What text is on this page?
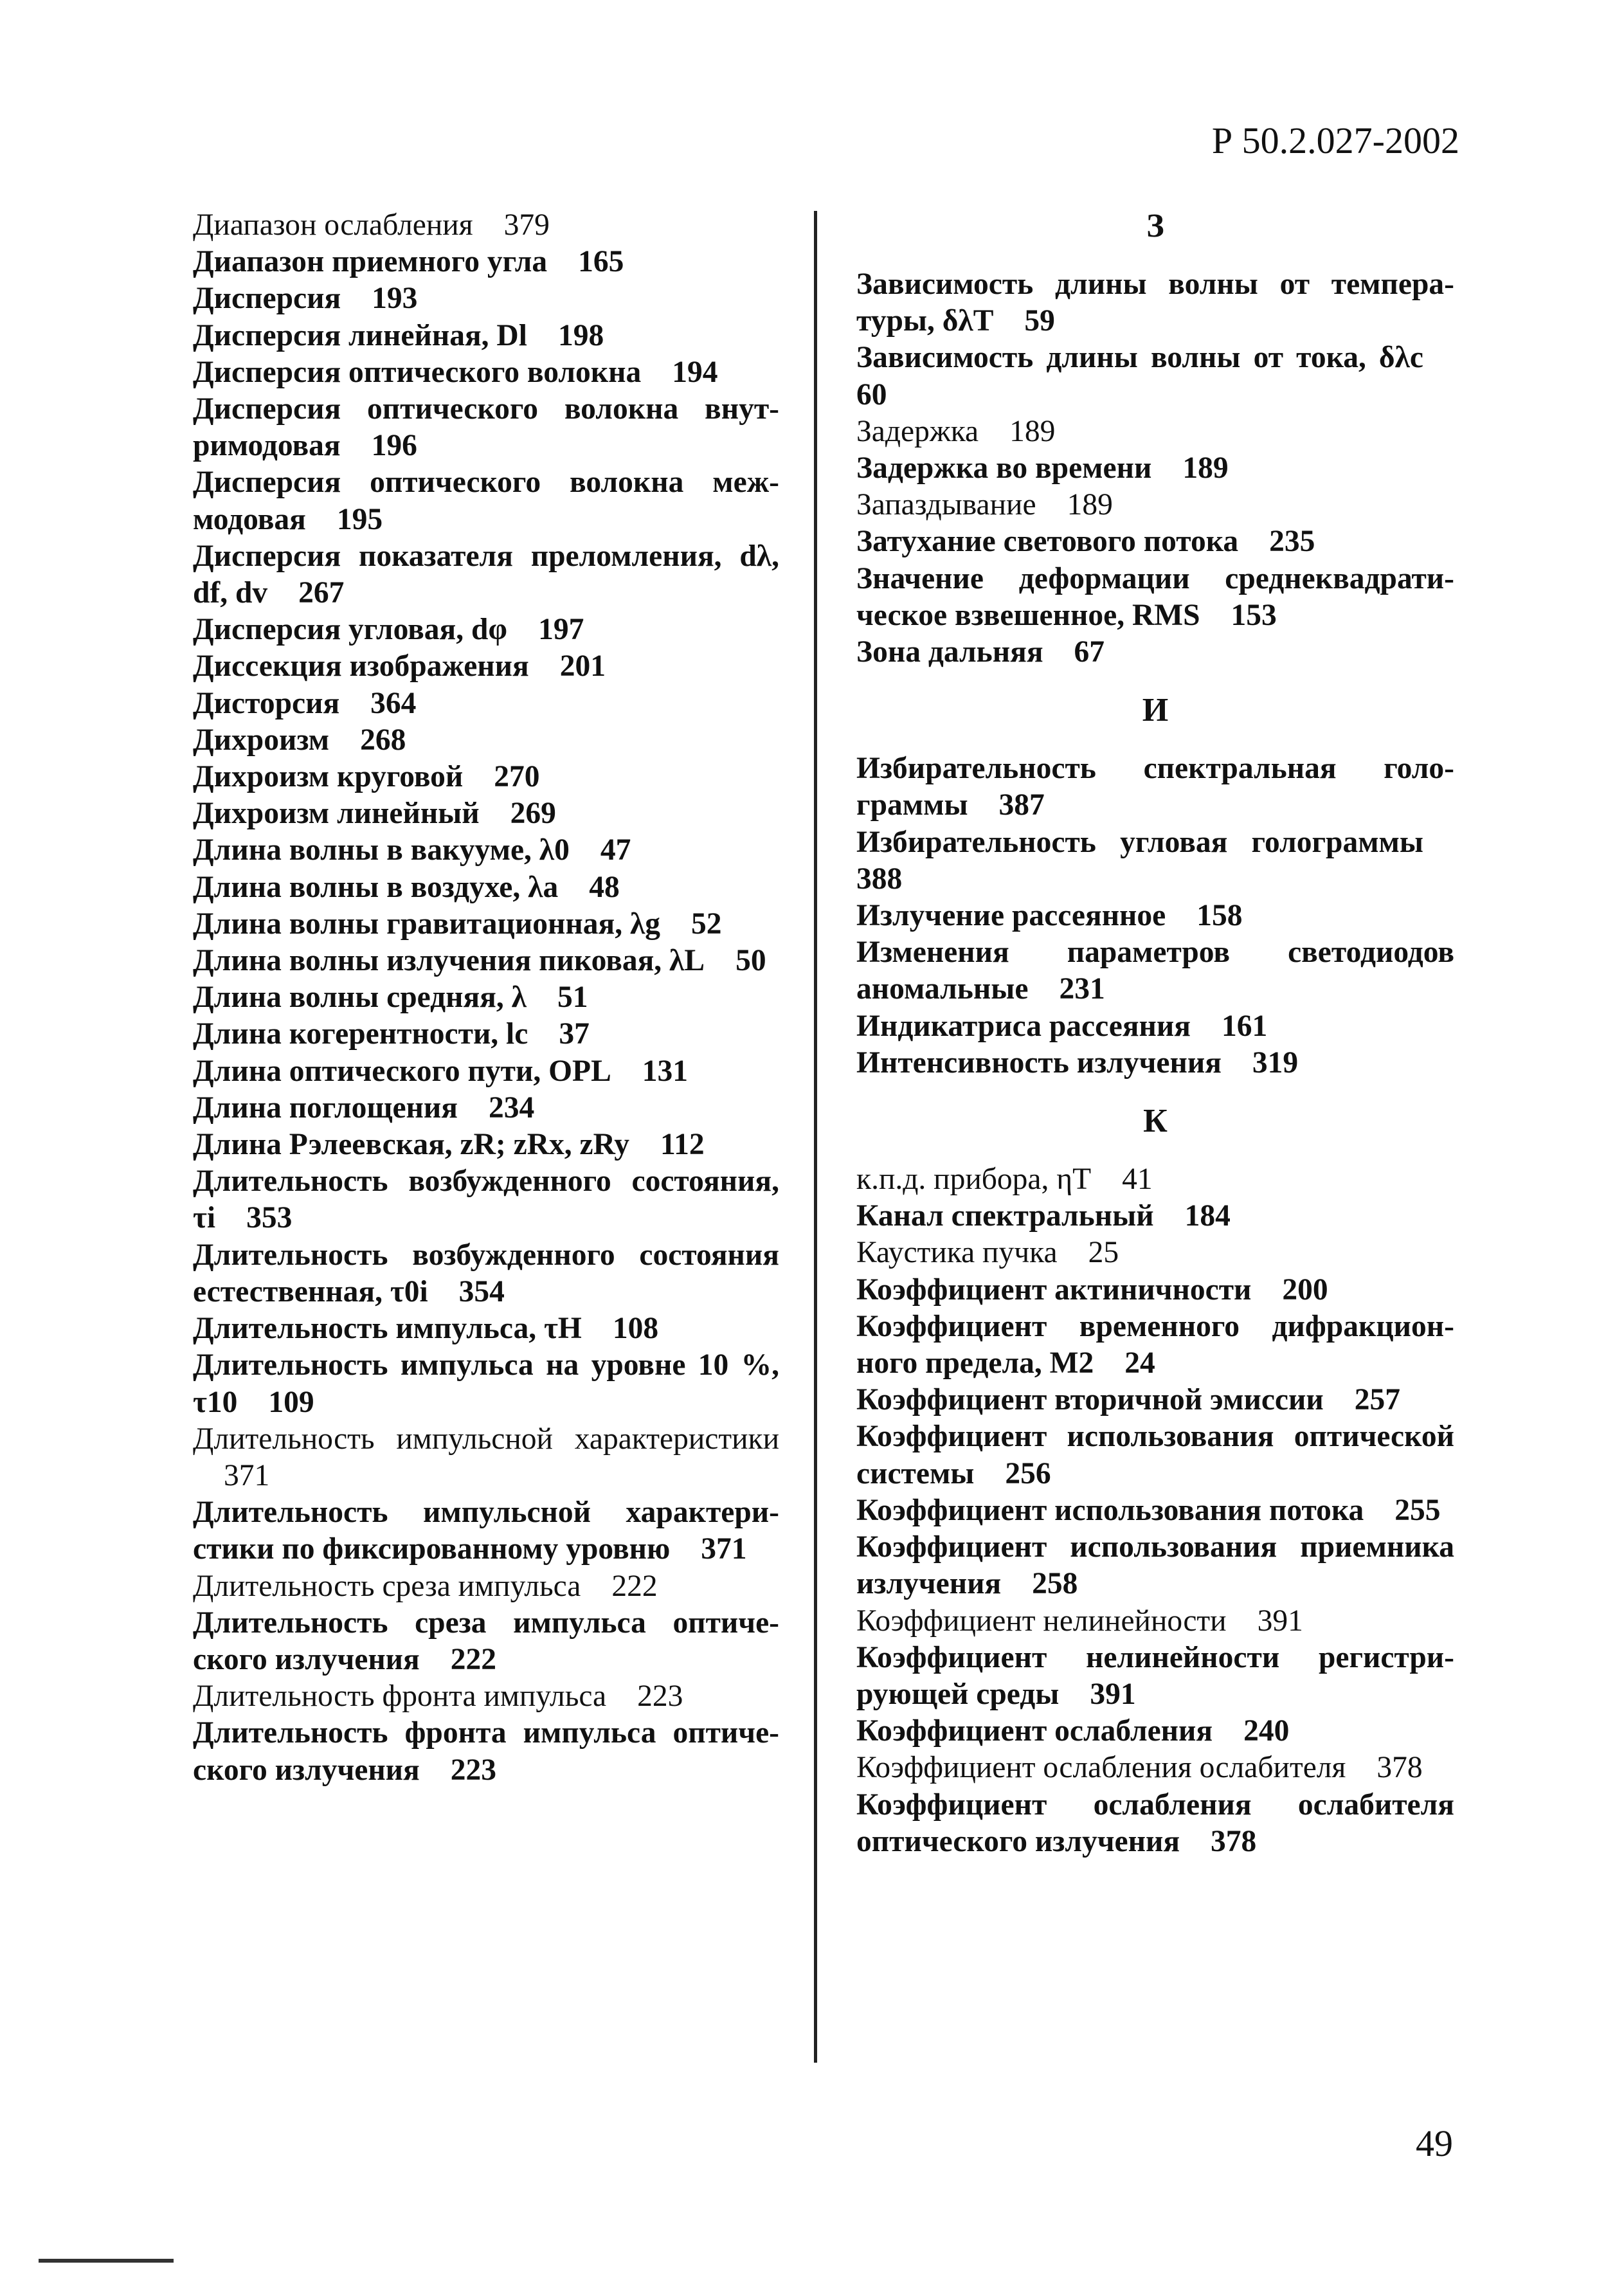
Р 50.2.027-2002
Диапазон ослабления 379
Диапазон приемного угла 165
Дисперсия 193
Дисперсия линейная, Dl 198
Дисперсия оптического волокна 194
Дисперсия оптического волокна внутримодовая 196
Дисперсия оптического волокна межмодовая 195
Дисперсия показателя преломления, dλ, df, dv 267
Дисперсия угловая, dφ 197
Диссекция изображения 201
Дисторсия 364
Дихроизм 268
Дихроизм круговой 270
Дихроизм линейный 269
Длина волны в вакууме, λ0 47
Длина волны в воздухе, λa 48
Длина волны гравитационная, λg 52
Длина волны излучения пиковая, λL 50
Длина волны средняя, λ 51
Длина когерентности, lc 37
Длина оптического пути, OPL 131
Длина поглощения 234
Длина Рэлеевская, zR; zRx, zRy 112
Длительность возбужденного состояния, τi 353
Длительность возбужденного состояния естественная, τ0i 354
Длительность импульса, τH 108
Длительность импульса на уровне 10 %, τ10 109
Длительность импульсной характеристики371
Длительность импульсной характеристики по фиксированному уровню 371
Длительность среза импульса 222
Длительность среза импульса оптического излучения 222
Длительность фронта импульса 223
Длительность фронта импульса оптического излучения 223
З
Зависимость длины волны от температуры, δλT 59
Зависимость длины волны от тока, δλc60
Задержка 189
Задержка во времени 189
Запаздывание 189
Затухание светового потока 235
Значение деформации среднеквадратическое взвешенное, RMS 153
Зона дальняя 67
И
Избирательность спектральная голограммы 387
Избирательность угловая голограммы388
Излучение рассеянное 158
Изменения параметров светодиодов аномальные 231
Индикатриса рассеяния 161
Интенсивность излучения 319
К
к.п.д. прибора, ηT 41
Канал спектральный 184
Каустика пучка 25
Коэффициент актиничности 200
Коэффициент временного дифракционного предела, M2 24
Коэффициент вторичной эмиссии 257
Коэффициент использования оптической системы 256
Коэффициент использования потока 255
Коэффициент использования приемника излучения 258
Коэффициент нелинейности 391
Коэффициент нелинейности регистрирующей среды 391
Коэффициент ослабления 240
Коэффициент ослабления ослабителя 378
Коэффициент ослабления ослабителя оптического излучения 378
49
